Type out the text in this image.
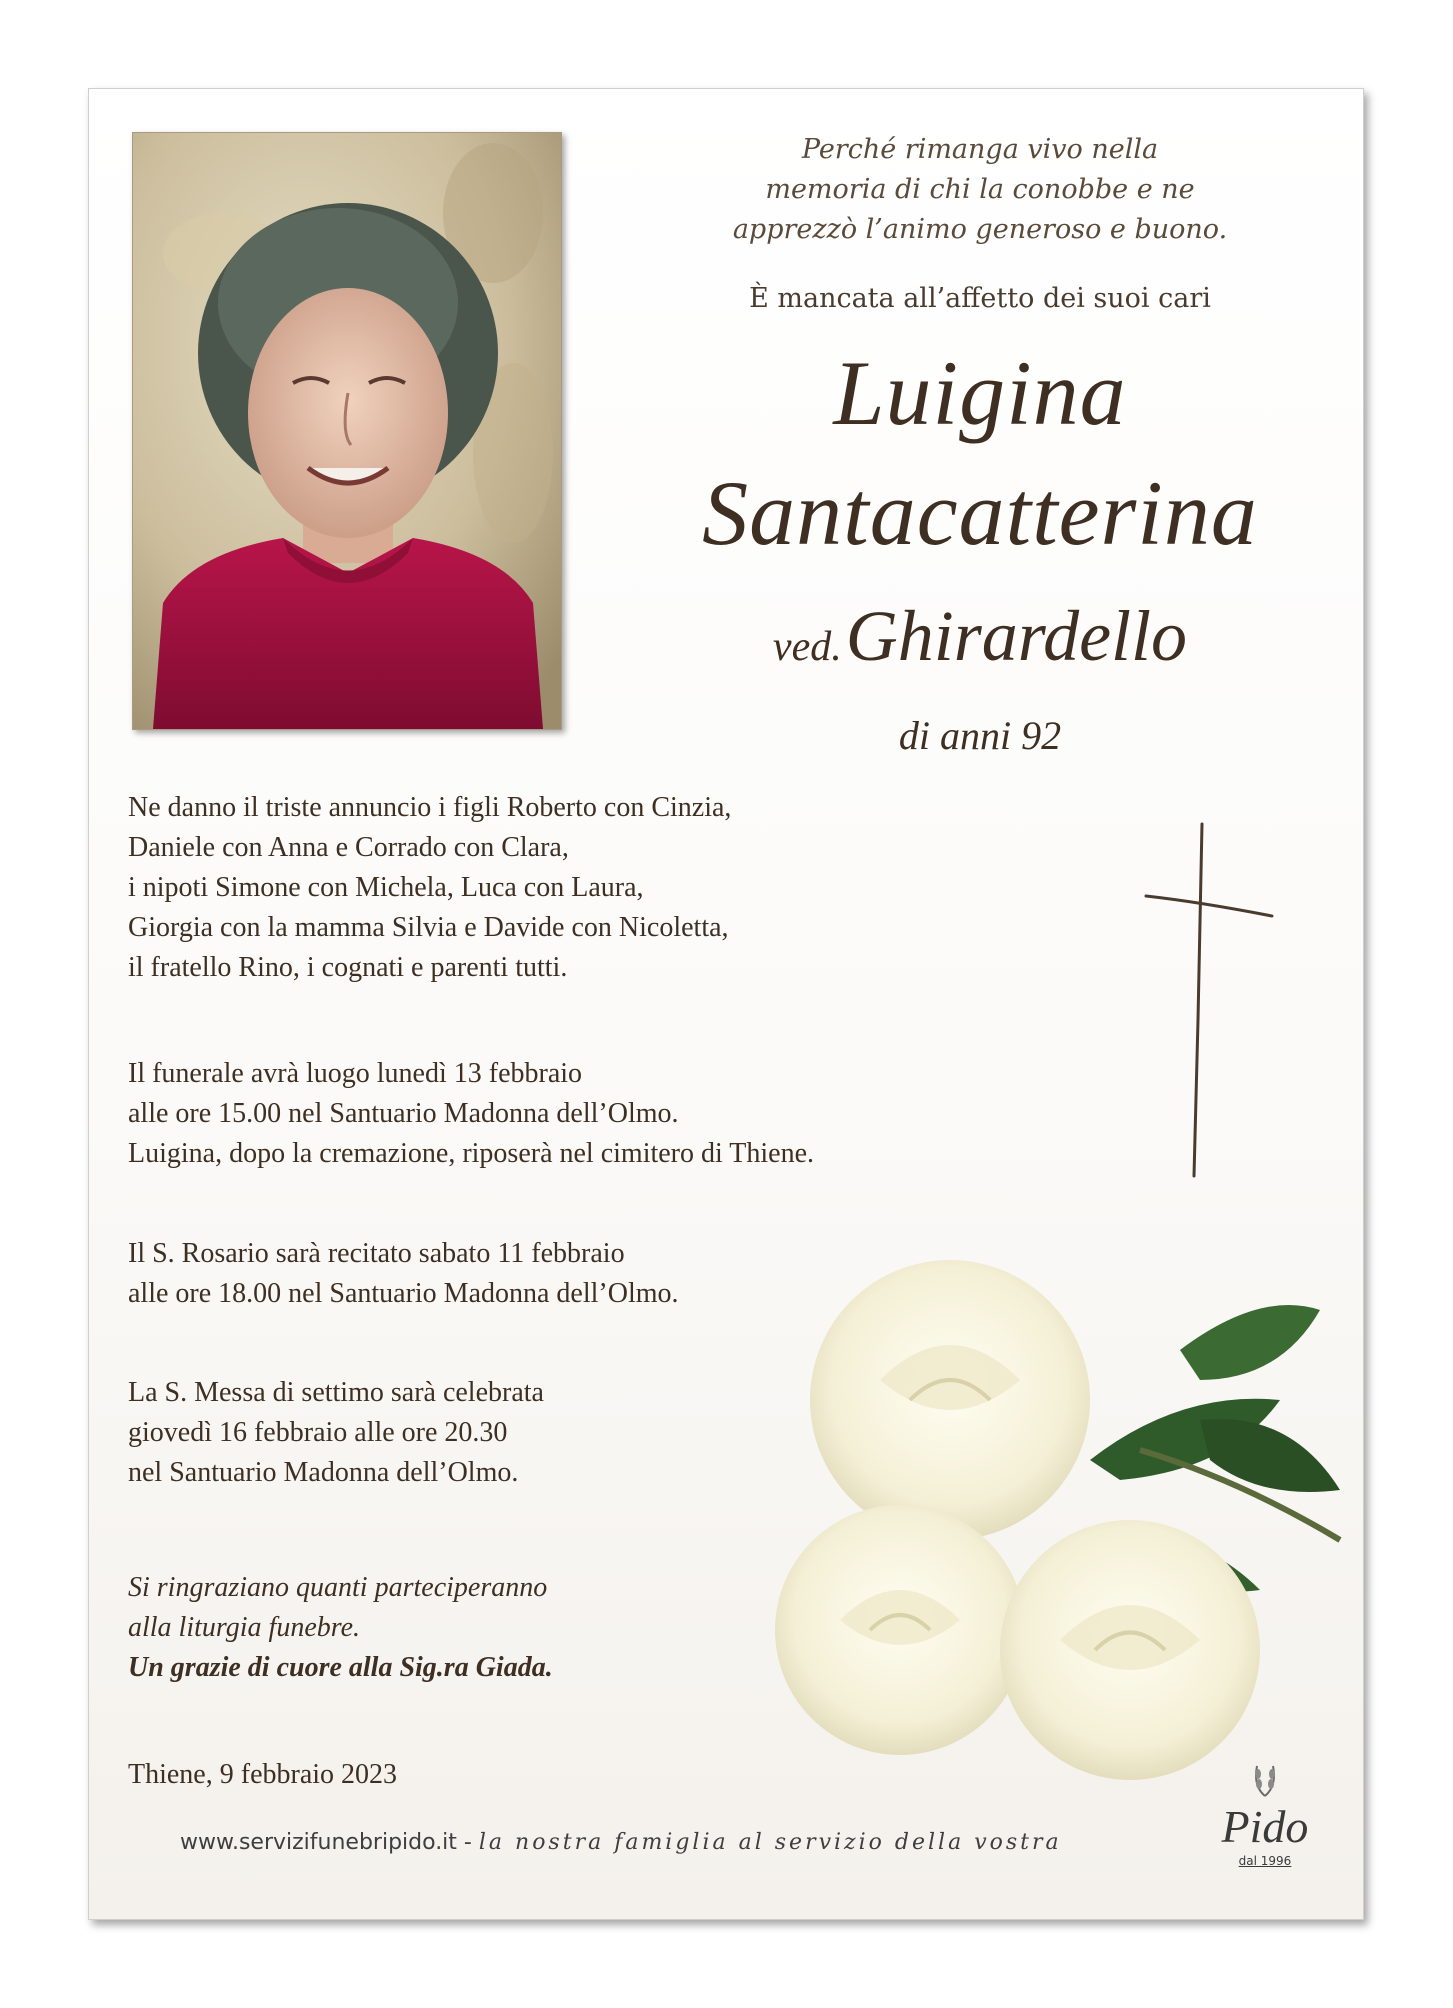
Perché rimanga vivo nella
memoria di chi la conobbe e ne
apprezzò l’animo generoso e buono.
È mancata all’affetto dei suoi cari
Luigina
Santacatterina
ved. Ghirardello
di anni 92
Ne danno il triste annuncio i figli Roberto con Cinzia,
Daniele con Anna e Corrado con Clara,
i nipoti Simone con Michela, Luca con Laura,
Giorgia con la mamma Silvia e Davide con Nicoletta,
il fratello Rino, i cognati e parenti tutti.
Il funerale avrà luogo lunedì 13 febbraio
alle ore 15.00 nel Santuario Madonna dell’Olmo.
Luigina, dopo la cremazione, riposerà nel cimitero di Thiene.
Il S. Rosario sarà recitato sabato 11 febbraio
alle ore 18.00 nel Santuario Madonna dell’Olmo.
La S. Messa di settimo sarà celebrata
giovedì 16 febbraio alle ore 20.30
nel Santuario Madonna dell’Olmo.
Si ringraziano quanti parteciperanno
alla liturgia funebre.
Un grazie di cuore alla Sig.ra Giada.
Thiene, 9 febbraio 2023
www.servizifunebripido.it - la nostra famiglia al servizio della vostra	Pido
dal 1996
